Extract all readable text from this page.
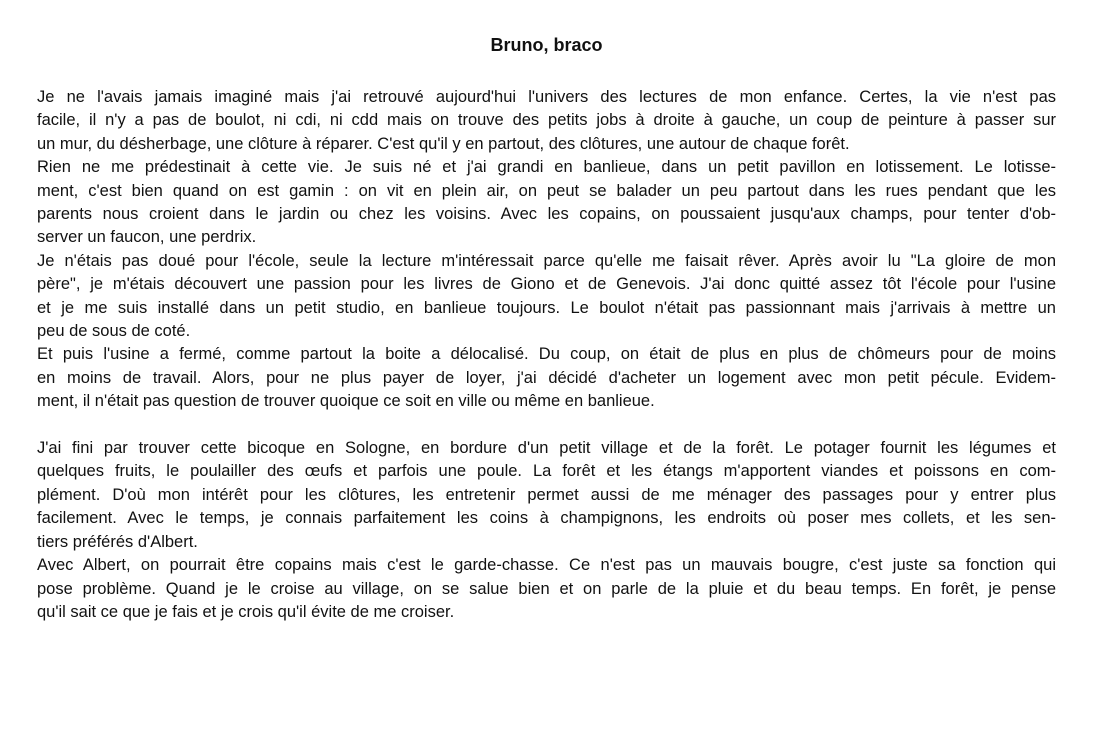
Bruno, braco

Je ne l'avais jamais imaginé mais j'ai retrouvé aujourd'hui l'univers des lectures de mon enfance. Certes, la vie n'est pas
facile, il n'y a pas de boulot, ni cdi, ni cdd mais on trouve des petits jobs à droite à gauche, un coup de peinture à passer sur
un mur, du désherbage, une clôture à réparer. C'est qu'il y en partout, des clôtures, une autour de chaque forêt.

Rien ne me prédestinait à cette vie. Je suis né et j'ai grandi en banlieue, dans un petit pavillon en lotissement. Le lotisse-
ment, c'est bien quand on est gamin : on vit en plein air, on peut se balader un peu partout dans les rues pendant que les
parents nous croient dans le jardin ou chez les voisins. Avec les copains, on poussaient jusqu'aux champs, pour tenter d'ob-
server un faucon, une perdrix.

Je n'étais pas doué pour l'école, seule la lecture m'intéressait parce qu'elle me faisait rêver. Après avoir lu "La gloire de mon
père", je m'étais découvert une passion pour les livres de Giono et de Genevois. J'ai donc quitté assez tôt l'école pour l'usine
et je me suis installé dans un petit studio, en banlieue toujours. Le boulot n'était pas passionnant mais j'arrivais à mettre un
peu de sous de coté.

Et puis l'usine a fermé, comme partout la boite a délocalisé. Du coup, on était de plus en plus de chômeurs pour de moins
en moins de travail. Alors, pour ne plus payer de loyer, j'ai décidé d'acheter un logement avec mon petit pécule. Evidem-
ment, il n'était pas question de trouver quoique ce soit en ville ou même en banlieue.

J'ai fini par trouver cette bicoque en Sologne, en bordure d'un petit village et de la forêt. Le potager fournit les légumes et
quelques fruits, le poulailler des œufs et parfois une poule. La forêt et les étangs m'apportent viandes et poissons en com-
plément. D'où mon intérêt pour les clôtures, les entretenir permet aussi de me ménager des passages pour y entrer plus
facilement. Avec le temps, je connais parfaitement les coins à champignons, les endroits où poser mes collets, et les sen-
tiers préférés d'Albert.

Avec Albert, on pourrait être copains mais c'est le garde-chasse. Ce n'est pas un mauvais bougre, c'est juste sa fonction qui
pose problème. Quand je le croise au village, on se salue bien et on parle de la pluie et du beau temps. En forêt, je pense
qu'il sait ce que je fais et je crois qu'il évite de me croiser.
